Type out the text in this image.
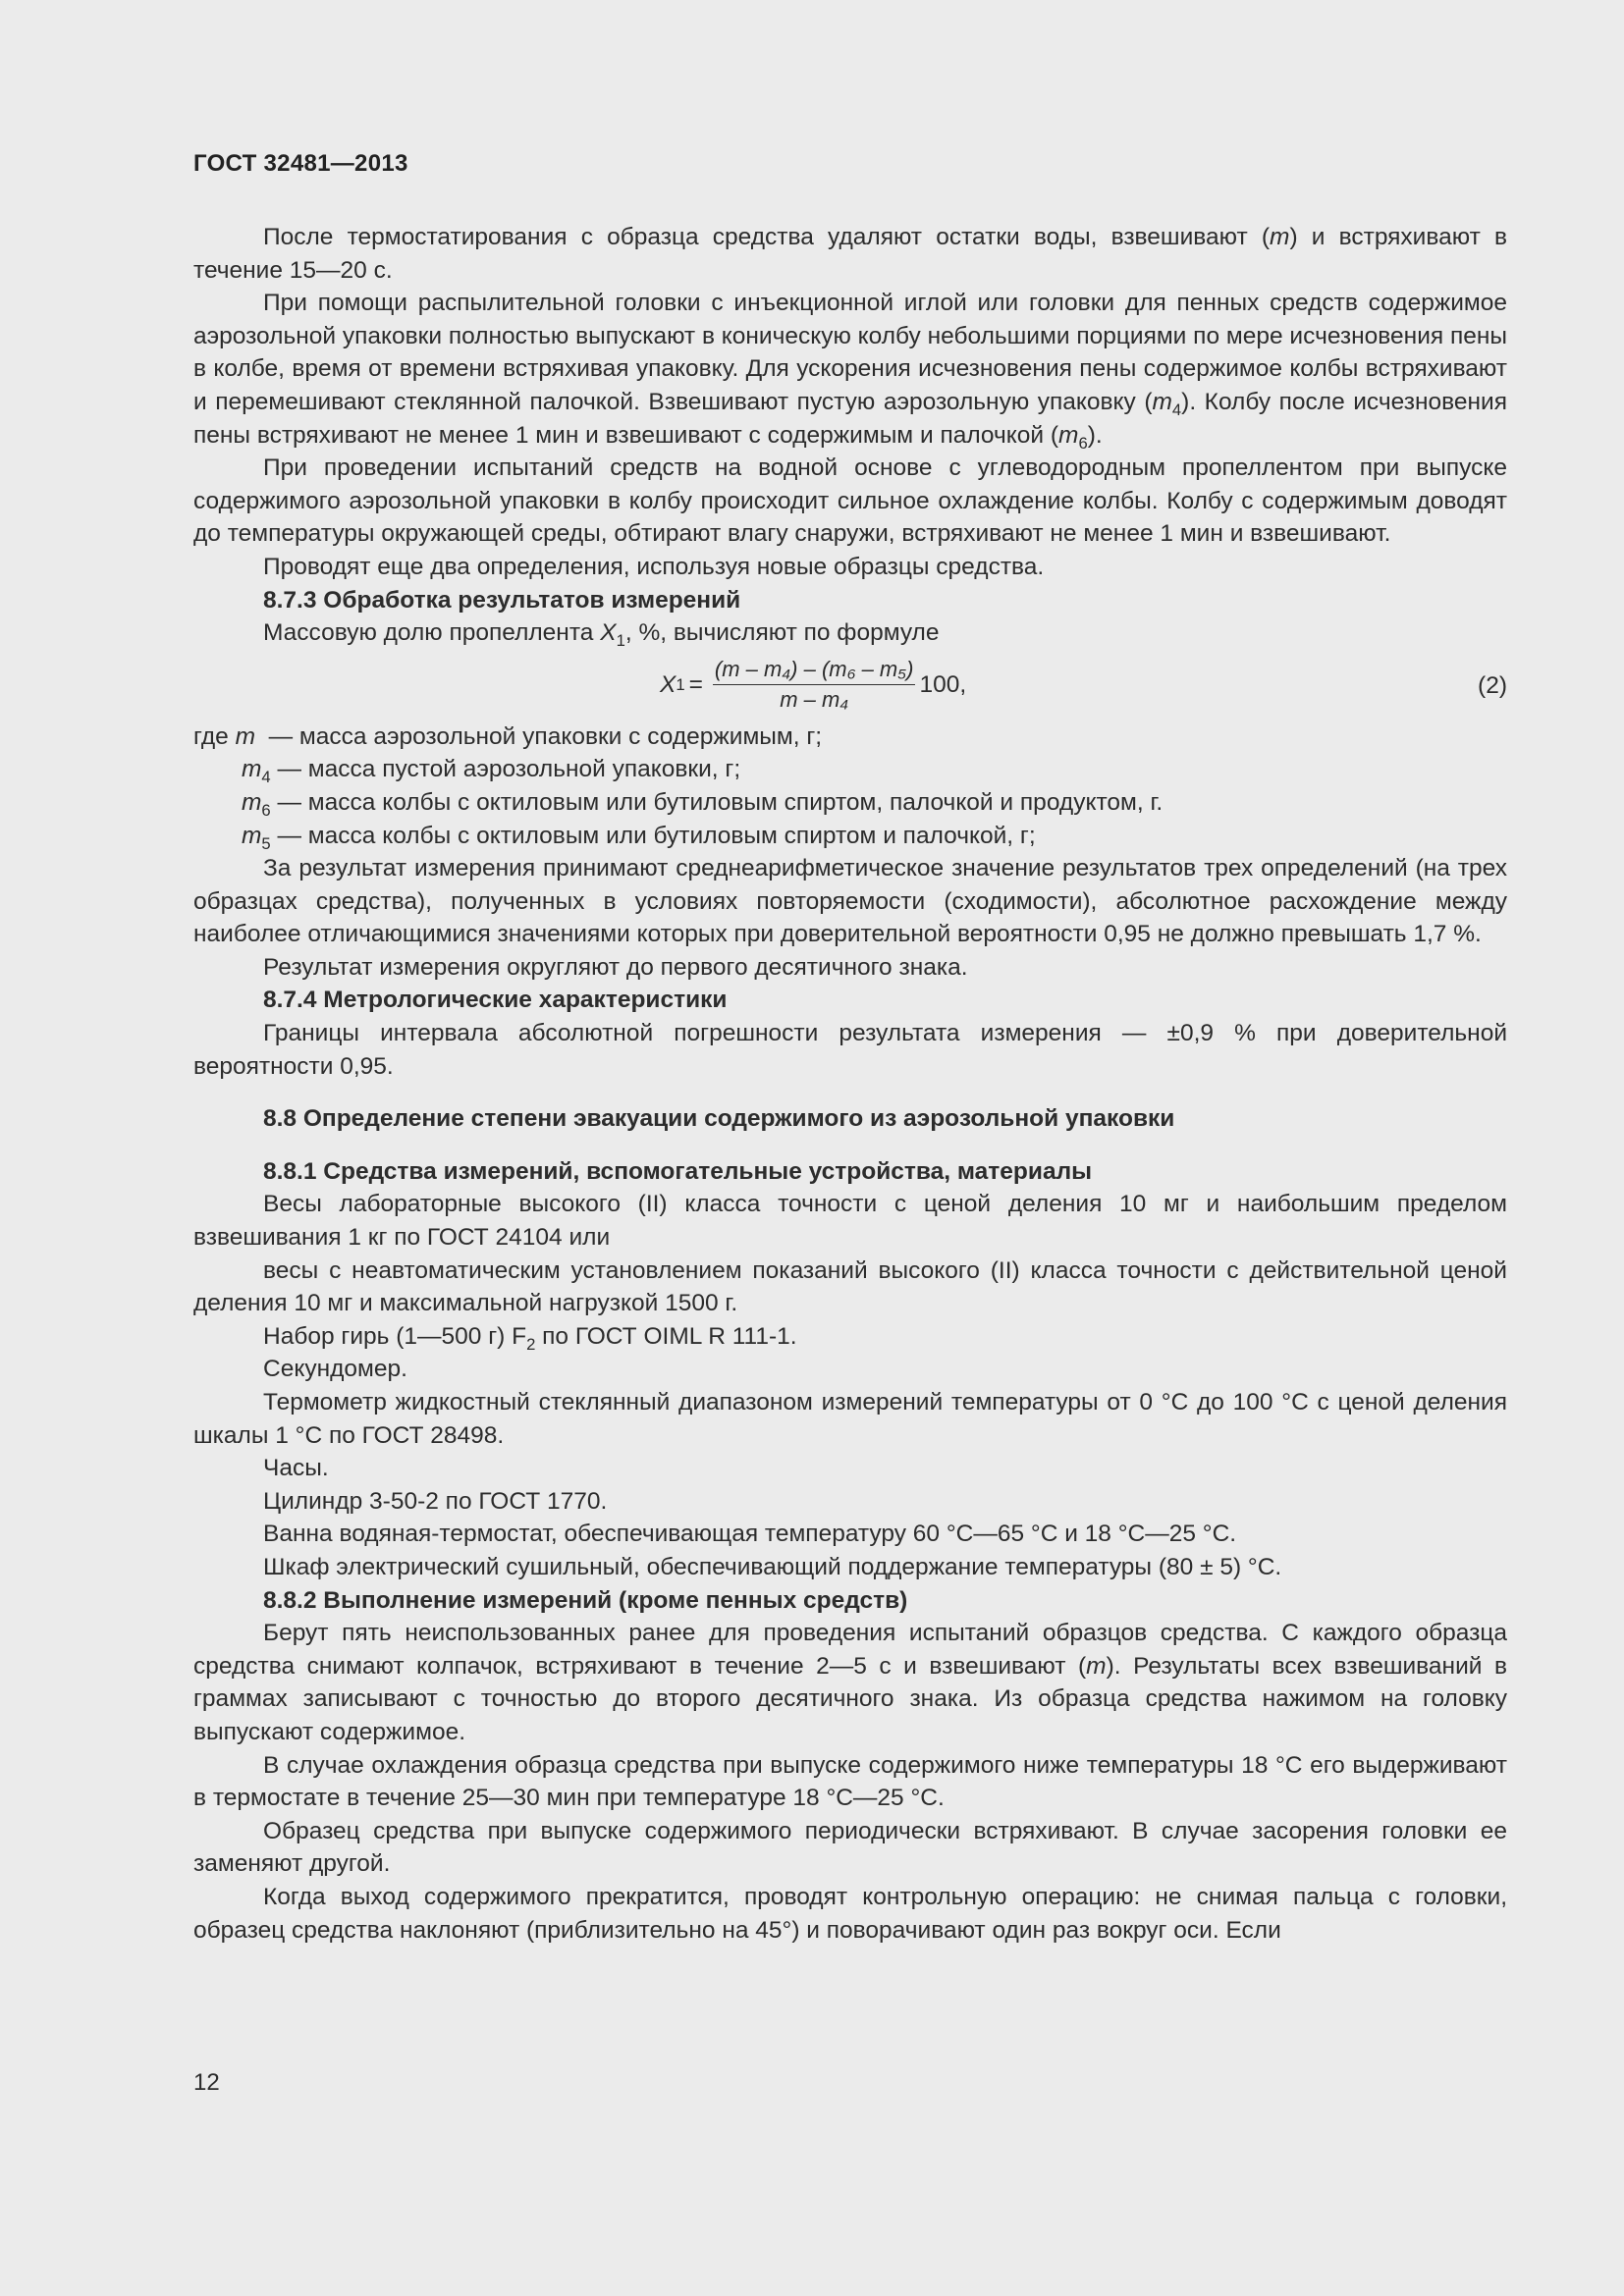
ГОСТ 32481—2013

После термостатирования с образца средства удаляют остатки воды, взвешивают (m) и встряхивают в течение 15—20 с.

При помощи распылительной головки с инъекционной иглой или головки для пенных средств содержимое аэрозольной упаковки полностью выпускают в коническую колбу небольшими порциями по мере исчезновения пены в колбе, время от времени встряхивая упаковку. Для ускорения исчезновения пены содержимое колбы встряхивают и перемешивают стеклянной палочкой. Взвешивают пустую аэрозольную упаковку $(m_4)$. Колбу после исчезновения пены встряхивают не менее 1 мин и взвешивают с содержимым и палочкой $(m_6)$.

При проведении испытаний средств на водной основе с углеводородным пропеллентом при выпуске содержимого аэрозольной упаковки в колбу происходит сильное охлаждение колбы. Колбу с содержимым доводят до температуры окружающей среды, обтирают влагу снаружи, встряхивают не менее 1 мин и взвешивают.

Проводят еще два определения, используя новые образцы средства.

8.7.3 Обработка результатов измерений

Массовую долю пропеллента $X_1$, %, вычисляют по формуле

X $1 = \frac{\text{(m – m₄) – (m₆ – m₅)}}{\text{m – m₄}} 100$,	(2)

где m  — масса аэрозольной упаковки с содержимым, г;

$m_4$ — масса пустой аэрозольной упаковки, г;

$m_6$ — масса колбы с октиловым или бутиловым спиртом, палочкой и продуктом, г.

$m_5$ — масса колбы с октиловым или бутиловым спиртом и палочкой, г;

За результат измерения принимают среднеарифметическое значение результатов трех определений (на трех образцах средства), полученных в условиях повторяемости (сходимости), абсолютное расхождение между наиболее отличающимися значениями которых при доверительной вероятности 0,95 не должно превышать 1,7 %.

Результат измерения округляют до первого десятичного знака.

8.7.4 Метрологические характеристики

Границы интервала абсолютной погрешности результата измерения — ±0,9 % при доверительной вероятности 0,95.

8.8 Определение степени эвакуации содержимого из аэрозольной упаковки

8.8.1 Средства измерений, вспомогательные устройства, материалы

Весы лабораторные высокого (II) класса точности с ценой деления 10 мг и наибольшим пределом взвешивания 1 кг по ГОСТ 24104 или

весы с неавтоматическим установлением показаний высокого (II) класса точности с действительной ценой деления 10 мг и максимальной нагрузкой 1500 г.

Набор гирь (1—500 г) $F_2$ по ГОСТ OIML R 111-1.

Секундомер.

Термометр жидкостный стеклянный диапазоном измерений температуры от 0 °С до 100 °С с ценой деления шкалы 1 °С по ГОСТ 28498.

Часы.

Цилиндр 3-50-2 по ГОСТ 1770.

Ванна водяная-термостат, обеспечивающая температуру 60 °С—65 °С и 18 °С—25 °С.

Шкаф электрический сушильный, обеспечивающий поддержание температуры (80 ± 5) °С.

8.8.2 Выполнение измерений (кроме пенных средств)

Берут пять неиспользованных ранее для проведения испытаний образцов средства. С каждого образца средства снимают колпачок, встряхивают в течение 2—5 с и взвешивают (m). Результаты всех взвешиваний в граммах записывают с точностью до второго десятичного знака. Из образца средства нажимом на головку выпускают содержимое.

В случае охлаждения образца средства при выпуске содержимого ниже температуры 18 °С его выдерживают в термостате в течение 25—30 мин при температуре 18 °С—25 °С.

Образец средства при выпуске содержимого периодически встряхивают. В случае засорения головки ее заменяют другой.

Когда выход содержимого прекратится, проводят контрольную операцию: не снимая пальца с головки, образец средства наклоняют (приблизительно на 45°) и поворачивают один раз вокруг оси. Если

12
